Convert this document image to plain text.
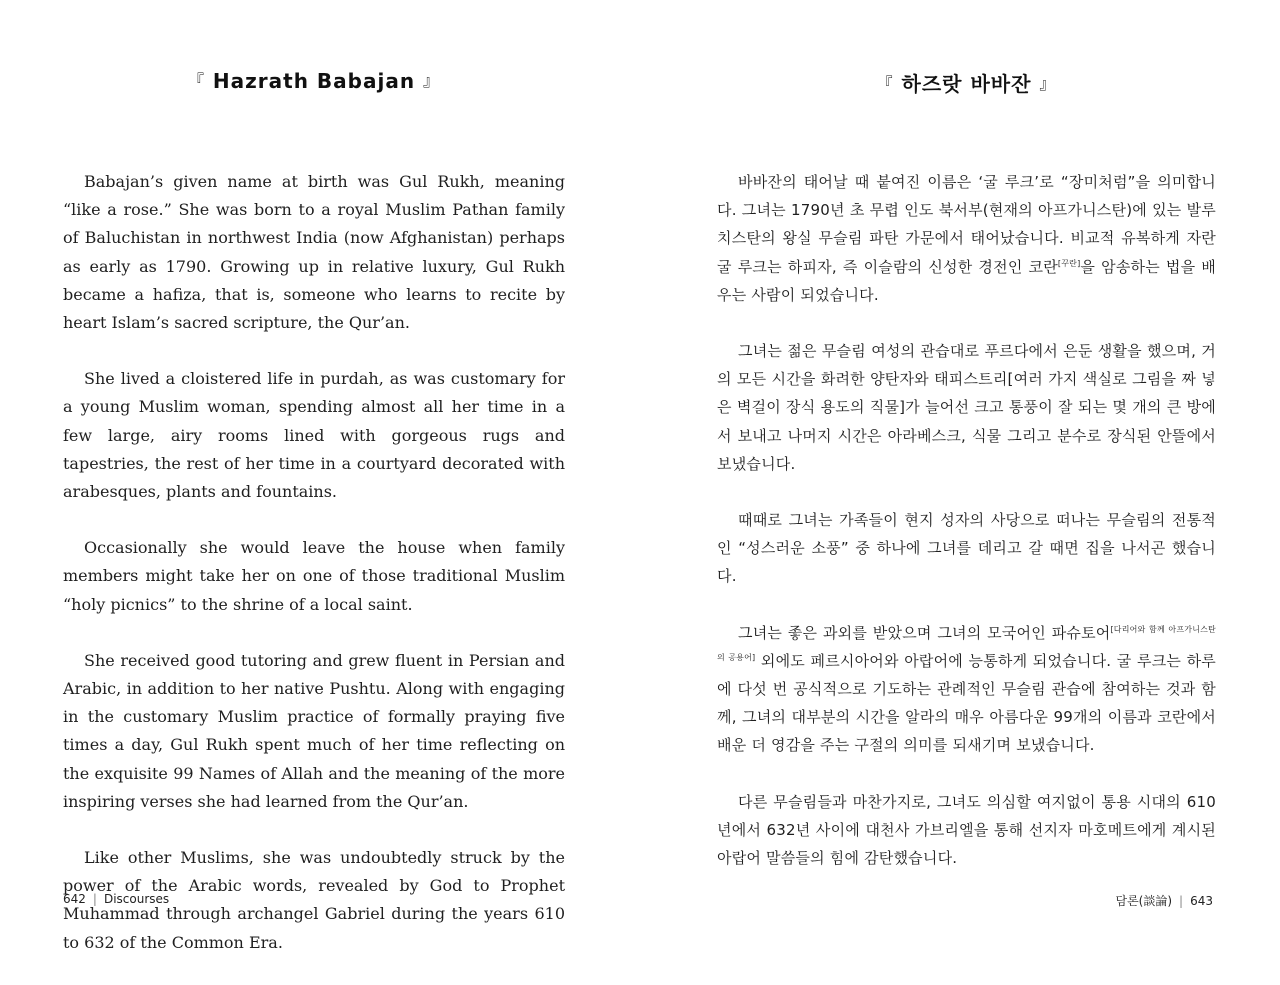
『 Hazrath Babajan 』

Babajan’s given name at birth was Gul Rukh, meaning “like a rose.” She was born to a royal Muslim Pathan family of Baluchistan in northwest India (now Afghanistan) perhaps as early as 1790. Growing up in relative luxury, Gul Rukh became a hafiza, that is, someone who learns to recite by heart Islam’s sacred scripture, the Qur’an.

She lived a cloistered life in purdah, as was customary for a young Muslim woman, spending almost all her time in a few large, airy rooms lined with gorgeous rugs and tapestries, the rest of her time in a courtyard decorated with arabesques, plants and fountains.

Occasionally she would leave the house when family members might take her on one of those traditional Muslim “holy picnics” to the shrine of a local saint.

She received good tutoring and grew fluent in Persian and Arabic, in addition to her native Pushtu. Along with engaging in the customary Muslim practice of formally praying five times a day, Gul Rukh spent much of her time reflecting on the exquisite 99 Names of Allah and the meaning of the more inspiring verses she had learned from the Qur’an.

Like other Muslims, she was undoubtedly struck by the power of the Arabic words, revealed by God to Prophet Muhammad through archangel Gabriel during the years 610 to 632 of the Common Era.

『 하즈랏 바바잔 』

바바잔의 태어날 때 붙여진 이름은 ‘굴 루크’로 “장미처럼”을 의미합니다. 그녀는 1790년 초 무렵 인도 북서부(현재의 아프가니스탄)에 있는 발루치스탄의 왕실 무슬림 파탄 가문에서 태어났습니다. 비교적 유복하게 자란 굴 루크는 하피자, 즉 이슬람의 신성한 경전인 코란[꾸란]을 암송하는 법을 배우는 사람이 되었습니다.

그녀는 젊은 무슬림 여성의 관습대로 푸르다에서 은둔 생활을 했으며, 거의 모든 시간을 화려한 양탄자와 태피스트리[여러 가지 색실로 그림을 짜 넣은 벽걸이 장식 용도의 직물]가 늘어선 크고 통풍이 잘 되는 몇 개의 큰 방에서 보내고 나머지 시간은 아라베스크, 식물 그리고 분수로 장식된 안뜰에서 보냈습니다.

때때로 그녀는 가족들이 현지 성자의 사당으로 떠나는 무슬림의 전통적인 “성스러운 소풍” 중 하나에 그녀를 데리고 갈 때면 집을 나서곤 했습니다.

그녀는 좋은 과외를 받았으며 그녀의 모국어인 파슈토어[다리어와 함께 아프가니스탄의 공용어] 외에도 페르시아어와 아랍어에 능통하게 되었습니다. 굴 루크는 하루에 다섯 번 공식적으로 기도하는 관례적인 무슬림 관습에 참여하는 것과 함께, 그녀의 대부분의 시간을 알라의 매우 아름다운 99개의 이름과 코란에서 배운 더 영감을 주는 구절의 의미를 되새기며 보냈습니다.

다른 무슬림들과 마찬가지로, 그녀도 의심할 여지없이 통용 시대의 610년에서 632년 사이에 대천사 가브리엘을 통해 선지자 마호메트에게 계시된 아랍어 말씀들의 힘에 감탄했습니다.

642 | Discourses	담론(談論) | 643
